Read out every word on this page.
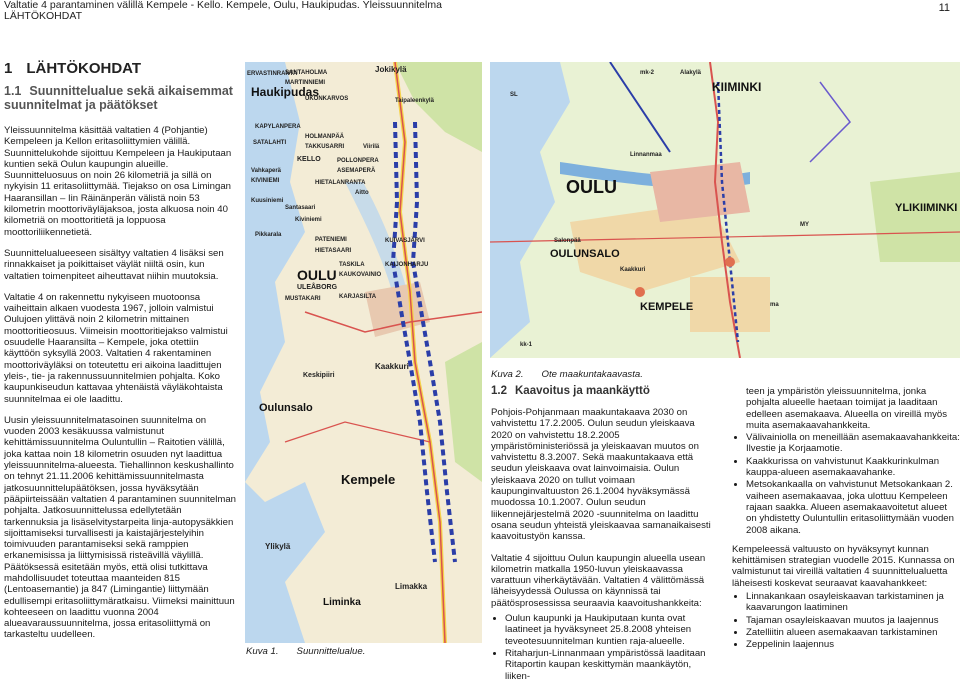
Valtatie 4 parantaminen välillä Kempele - Kello. Kempele, Oulu, Haukipudas. Yleissuunnitelma
LÄHTÖKOHDAT
11
1 LÄHTÖKOHDAT
1.1 Suunnittelualue sekä aikaisemmat suunnitelmat ja päätökset

Yleissuunnitelma käsittää valtatien 4 (Pohjantie) Kempeleen ja Kellon eritasoliittymien välillä. Suunnittelukohde sijoittuu Kempeleen ja Haukiputaan kuntien sekä Oulun kaupungin alueille. Suunnitteluosuus on noin 26 kilometriä ja sillä on nykyisin 11 eritasoliittymää. Tiejakso on osa Limingan Haaransillan – Iin Räinänperän välistä noin 53 kilometrin moottoriväyläjaksoa, josta alkuosa noin 40 kilometriä on moottoritietä ja loppuosa moottoriliikennetietä.

Suunnittelualueeseen sisältyy valtatien 4 lisäksi sen rinnakkaiset ja poikittaiset väylät niiltä osin, kun valtatien toimenpiteet aiheuttavat niihin muutoksia.

Valtatie 4 on rakennettu nykyiseen muotoonsa vaiheittain alkaen vuodesta 1967, jolloin valmistui Oulujoen ylittävä noin 2 kilometrin mittainen moottoritieosuus. Viimeisin moottoritiejakso valmistui osuudelle Haaransilta – Kempele, joka otettiin käyttöön syksyllä 2003. Valtatien 4 rakentaminen moottoriväyläksi on toteutettu eri aikoina laadittujen yleis-, tie- ja rakennussuunnitelmien pohjalta. Koko kaupunkiseudun kattavaa yhtenäistä väyläkohtaista suunnitelmaa ei ole laadittu.

Uusin yleissuunnitelmatasoinen suunnitelma on vuoden 2003 kesäkuussa valmistunut kehittämissuunnitelma Ouluntullin – Raitotien välillä, joka kattaa noin 18 kilometrin osuuden nyt laadittua yleissuunnitelma-alueesta. Tiehallinnon keskushallinto on tehnyt 21.11.2006 kehittämissuunnitelmasta jatkosuunnittelupäätöksen, jossa hyväksytään pääpiirteissään valtatien 4 parantaminen suunnitelman pohjalta. Jatkosuunnittelussa edellytetään tarkennuksia ja lisäselvitystarpeita linja-autopysäkkien sijoittamiseksi turvallisesti ja kaistajärjestelyihin toimivuuden parantamiseksi sekä ramppien erkanemisissa ja liittymisissä risteävillä väylillä. Päätöksessä esitetään myös, että olisi tutkittava mahdollisuudet toteuttaa maanteiden 815 (Lentoasemantie) ja 847 (Limingantie) liittymään edullisempi eritasoliittymäratkaisu. Viimeksi mainittuun kohteeseen on laadittu vuonna 2004 alueavaraussuunnitelma, jossa eritasoliittymä on tarkasteltu uudelleen.

Haukipudas
Jokikylä
ERVASTINRANTA
SANTAHOLMA
MARTINNIEMI
UKONKARVOS	Taipaleenkylä
KAPYLANPERA
HOLMANPÄÄ
SATALAHTI
TAKKUSARRI	Viirilä
KELLO	POLLONPERA
ASEMAPERÄ
Vahkaperä
KIVINIEMI	HIETALANRANTA
Aitto
Kuusiniemi
Santasaari
Kiviniemi
Pikkarala
PATENIEMI
HIETASAARI
OULU
ULEÅBORG
MUSTAKARI
KAIJONHARJU
KUIVASJÄRVI
TASKILA
KAUKOVAINIO
KARJASILTA
Kaakkuri
Keskipiiri
Oulunsalo
Kempele
Ylikylä
Limakka
Liminka
Kuva 1. Suunnittelualue.
OULU
KIIMINKI
YLIKIIMINKI
OULUNSALO
KEMPELE
Salonpää
Linnanmaa
Kaakkuri
Alakylä
mk-2
SL
kk-1
MY
ma
Kuva 2. Ote maakuntakaavasta.
1.2 Kaavoitus ja maankäyttö

Pohjois-Pohjanmaan maakuntakaava 2030 on vahvistettu 17.2.2005. Oulun seudun yleiskaava 2020 on vahvistettu 18.2.2005 ympäristöministeriössä ja yleiskaavan muutos on vahvistettu 8.3.2007. Sekä maakuntakaava että seudun yleiskaava ovat lainvoimaisia. Oulun yleiskaava 2020 on tullut voimaan kaupunginvaltuuston 26.1.2004 hyväksymässä muodossa 10.1.2007. Oulun seudun liikennejärjestelmä 2020 -suunnitelma on laadittu osana seudun yhteistä yleiskaavaa samanaikaisesti kaavoitustyön kanssa.

Valtatie 4 sijoittuu Oulun kaupungin alueella usean kilometrin matkalla 1950-luvun yleiskaavassa varattuun viherkäytävään. Valtatien 4 välittömässä läheisyydessä Oulussa on käynnissä tai päätösprosessissa seuraavia kaavoitushankkeita:

• Oulun kaupunki ja Haukiputaan kunta ovat laatineet ja hyväksyneet 25.8.2008 yhteisen teveotesuunnitelman kuntien raja-alueelle.
• Ritaharjun-Linnanmaan ympäristössä laaditaan Ritaportin kaupan keskittymän maankäytön, liiken-
teen ja ympäristön yleissuunnitelma, jonka pohjalta alueelle haetaan toimijat ja laaditaan edelleen asemakaava. Alueella on vireillä myös muita asemakaavahankkeita.
• Välivainiolla on meneillään asemakaavahankkeita: Ilvestie ja Korjaamotie.
• Kaakkurissa on vahvistunut Kaakkurinkulman kauppa-alueen asemakaavahanke.
• Metsokankaalla on vahvistunut Metsokankaan 2. vaiheen asemakaavaa, joka ulottuu Kempeleen rajaan saakka. Alueen asemakaavoitetut alueet on yhdistetty Ouluntullin eritasoliittymään vuoden 2008 aikana.

Kempeleessä valtuusto on hyväksynyt kunnan kehittämisen strategian vuodelle 2015. Kunnassa on valmistunut tai vireillä valtatien 4 suunnittelualuetta läheisesti koskevat seuraavat kaavahankkeet:

• Linnakankaan osayleiskaavan tarkistaminen ja kaavarungon laatiminen
• Tajaman osayleiskaavan muutos ja laajennus
• Zatelliitin alueen asemakaavan tarkistaminen
• Zeppelinin laajennus
